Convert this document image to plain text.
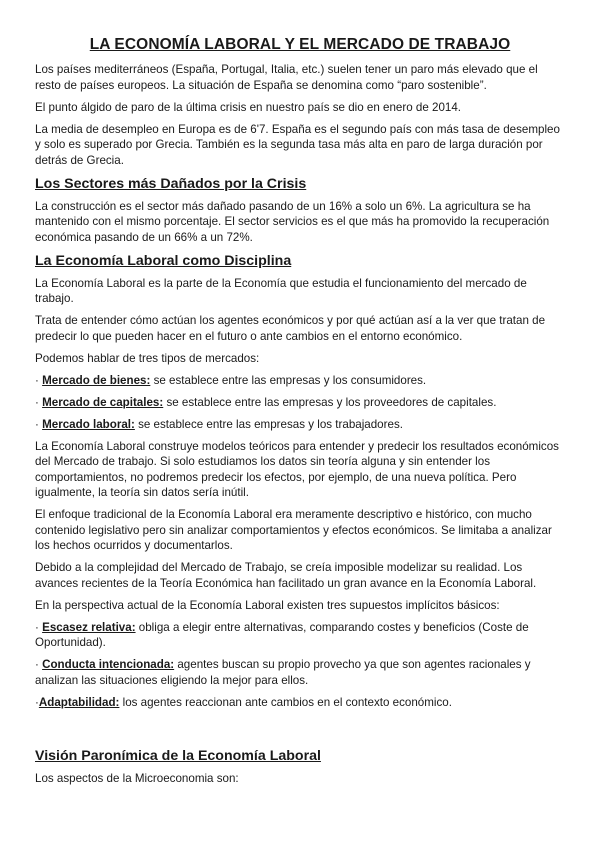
LA ECONOMÍA LABORAL Y EL MERCADO DE TRABAJO

Los países mediterráneos (España, Portugal, Italia, etc.) suelen tener un paro más elevado que el resto de países europeos. La situación de España se denomina como “paro sostenible”.

El punto álgido de paro de la última crisis en nuestro país se dio en enero de 2014.

La media de desempleo en Europa es de 6'7. España es el segundo país con más tasa de desempleo y solo es superado por Grecia. También es la segunda tasa más alta en paro de larga duración por detrás de Grecia.

Los Sectores más Dañados por la Crisis

La construcción es el sector más dañado pasando de un 16% a solo un 6%. La agricultura se ha mantenido con el mismo porcentaje. El sector servicios es el que más ha promovido la recuperación económica pasando de un 66% a un 72%.

La Economía Laboral como Disciplina

La Economía Laboral es la parte de la Economía que estudia el funcionamiento del mercado de trabajo.

Trata de entender cómo actúan los agentes económicos y por qué actúan así a la ver que tratan de predecir lo que pueden hacer en el futuro o ante cambios en el entorno económico.

Podemos hablar de tres tipos de mercados:

· Mercado de bienes: se establece entre las empresas y los consumidores.

· Mercado de capitales: se establece entre las empresas y los proveedores de capitales.

· Mercado laboral: se establece entre las empresas y los trabajadores.

La Economía Laboral construye modelos teóricos para entender y predecir los resultados económicos del Mercado de trabajo. Si solo estudiamos los datos sin teoría alguna y sin entender los comportamientos, no podremos predecir los efectos, por ejemplo, de una nueva política. Pero igualmente, la teoría sin datos sería inútil.

El enfoque tradicional de la Economía Laboral era meramente descriptivo e histórico, con mucho contenido legislativo pero sin analizar comportamientos y efectos económicos. Se limitaba a analizar los hechos ocurridos y documentarlos.

Debido a la complejidad del Mercado de Trabajo, se creía imposible modelizar su realidad. Los avances recientes de la Teoría Económica han facilitado un gran avance en la Economía Laboral.

En la perspectiva actual de la Economía Laboral existen tres supuestos implícitos básicos:

· Escasez relativa: obliga a elegir entre alternativas, comparando costes y beneficios (Coste de Oportunidad).

· Conducta intencionada: agentes buscan su propio provecho ya que son agentes racionales y analizan las situaciones eligiendo la mejor para ellos.

·Adaptabilidad: los agentes reaccionan ante cambios en el contexto económico.

Visión Paronímica de la Economía Laboral

Los aspectos de la Microeconomia son:
